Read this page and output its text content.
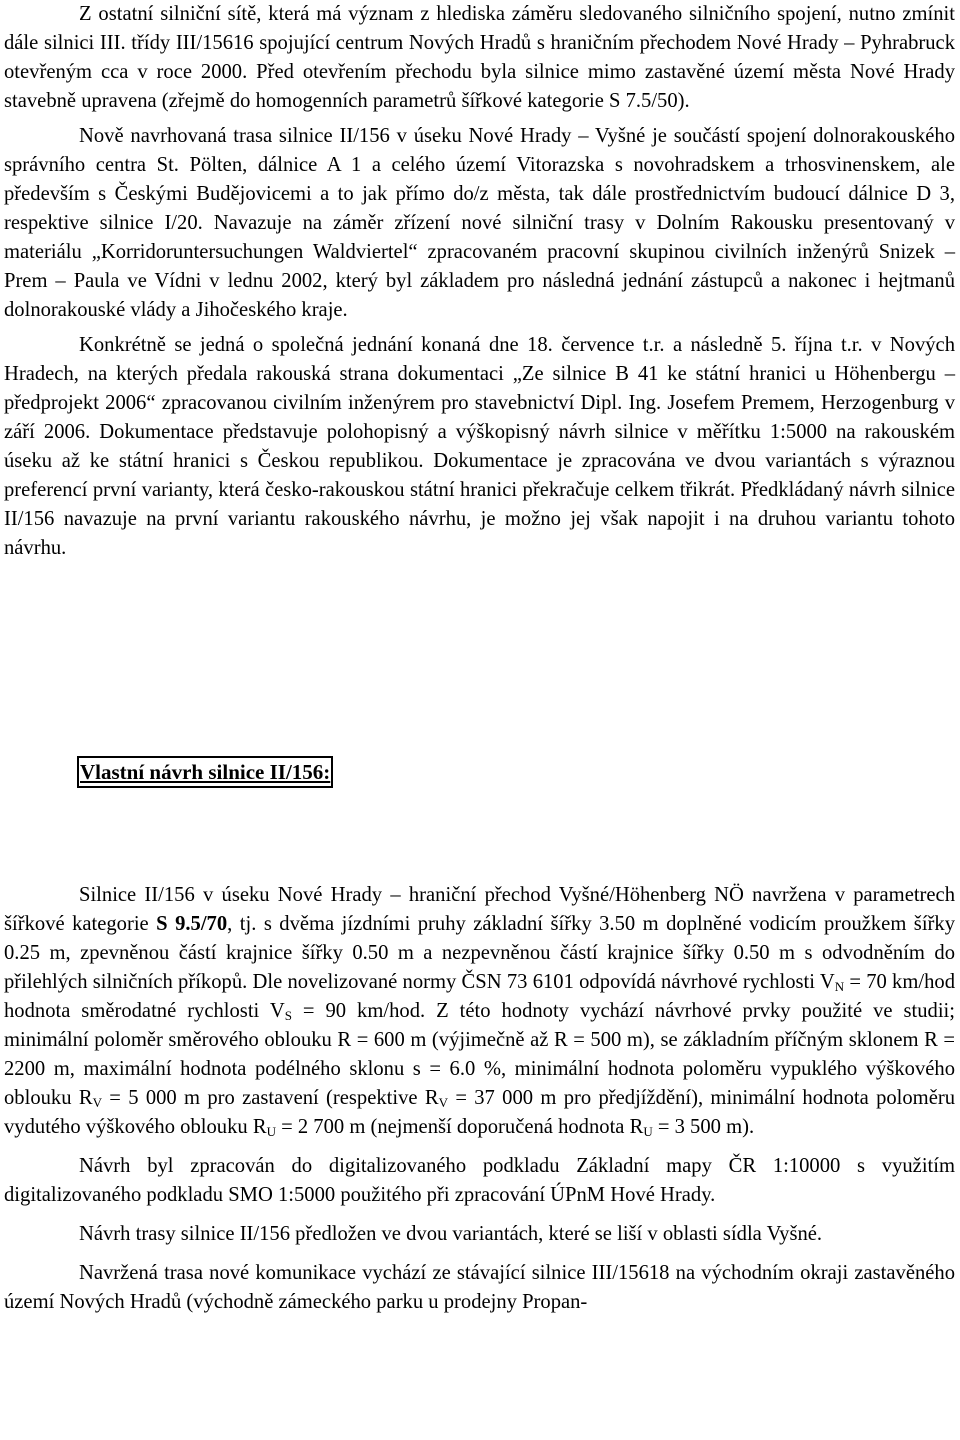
Z ostatní silniční sítě, která má význam z hlediska záměru sledovaného silničního spojení, nutno zmínit dále silnici III. třídy III/15616 spojující centrum Nových Hradů s hraničním přechodem Nové Hrady – Pyhrabruck otevřeným cca v roce 2000. Před otevřením přechodu byla silnice mimo zastavěné území města Nové Hrady stavebně upravena (zřejmě do homogenních parametrů šířkové kategorie S 7.5/50).

Nově navrhovaná trasa silnice II/156 v úseku Nové Hrady – Vyšné je součástí spojení dolnorakouského správního centra St. Pölten, dálnice A 1 a celého území Vitorazska s novohradskem a trhosvinenskem, ale především s Českými Budějovicemi a to jak přímo do/z města, tak dále prostřednictvím budoucí dálnice D 3, respektive silnice I/20. Navazuje na záměr zřízení nové silniční trasy v Dolním Rakousku presentovaný v materiálu „Korridoruntersuchungen Waldviertel“ zpracovaném pracovní skupinou civilních inženýrů Snizek – Prem – Paula ve Vídni v lednu 2002, který byl základem pro následná jednání zástupců a nakonec i hejtmanů dolnorakouské vlády a Jihočeského kraje.

Konkrétně se jedná o společná jednání konaná dne 18. července t.r. a následně 5. října t.r. v Nových Hradech, na kterých předala rakouská strana dokumentaci „Ze silnice B 41 ke státní hranici u Höhenbergu – předprojekt 2006“ zpracovanou civilním inženýrem pro stavebnictví Dipl. Ing. Josefem Premem, Herzogenburg v září 2006. Dokumentace představuje polohopisný a výškopisný návrh silnice v měřítku 1:5000 na rakouském úseku až ke státní hranici s Českou republikou. Dokumentace je zpracována ve dvou variantách s výraznou preferencí první varianty, která česko-rakouskou státní hranici překračuje celkem třikrát. Předkládaný návrh silnice II/156 navazuje na první variantu rakouského návrhu, je možno jej však napojit i na druhou variantu tohoto návrhu.

Vlastní návrh silnice II/156:

Silnice II/156 v úseku Nové Hrady – hraniční přechod Vyšné/Höhenberg NÖ navržena v parametrech šířkové kategorie S 9.5/70, tj. s dvěma jízdními pruhy základní šířky 3.50 m doplněné vodicím proužkem šířky 0.25 m, zpevněnou částí krajnice šířky 0.50 m a nezpevněnou částí krajnice šířky 0.50 m s odvodněním do přilehlých silničních příkopů. Dle novelizované normy ČSN 73 6101 odpovídá návrhové rychlosti $V_N = 70$ km/hod hodnota směrodatné rychlosti $V_S = 90$ km/hod. Z této hodnoty vychází návrhové prvky použité ve studii; minimální poloměr směrového oblouku R = 600 m (výjimečně až R = 500 m), se základním příčným sklonem R = 2200 m, maximální hodnota podélného sklonu s = 6.0 %, minimální hodnota poloměru vypuklého výškového oblouku $R_V = 5$ 000 m pro zastavení (respektive $R_V = 37$ 000 m pro předjíždění), minimální hodnota poloměru vydutého výškového oblouku $R_U = 2$ 700 m (nejmenší doporučená hodnota $R_U = 3$ 500 m).

Návrh byl zpracován do digitalizovaného podkladu Základní mapy ČR 1:10000 s využitím digitalizovaného podkladu SMO 1:5000 použitého při zpracování ÚPnM Hové Hrady.

Návrh trasy silnice II/156 předložen ve dvou variantách, které se liší v oblasti sídla Vyšné.

Navržená trasa nové komunikace vychází ze stávající silnice III/15618 na východním okraji zastavěného území Nových Hradů (východně zámeckého parku u prodejny Propan-
